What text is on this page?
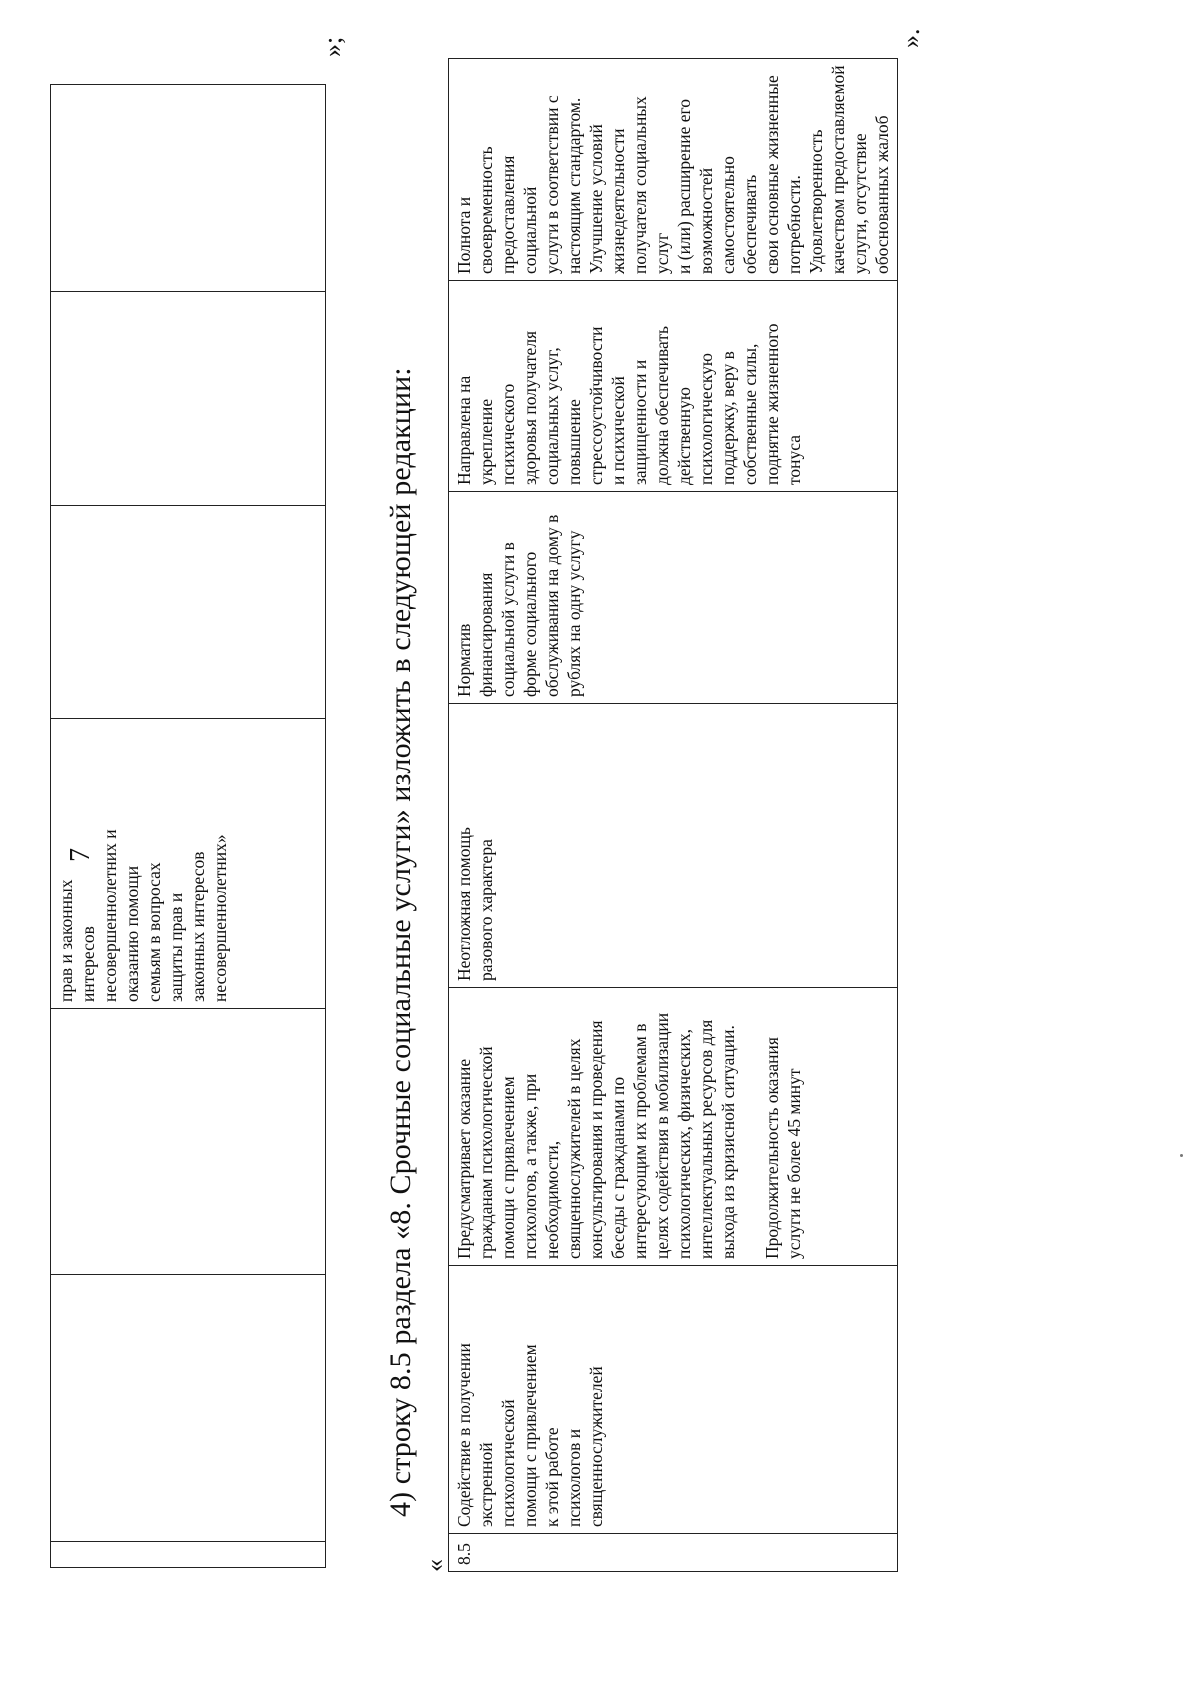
7
			прав и законных
интересов
несовершеннолетних и
оказанию помощи
семьям в вопросах
защиты прав и
законных интересов
несовершеннолетних»			
»;
4) строку 8.5 раздела «8. Срочные социальные услуги» изложить в следующей редакции:
«
8.5	Содействие в получении
экстренной
психологической
помощи с привлечением
к этой работе
психологов и
священнослужителей	Предусматривает оказание
гражданам психологической
помощи с привлечением
психологов, а также, при
необходимости,
священнослужителей в целях
консультирования и проведения
беседы с гражданами по
интересующим их проблемам в
целях содействия в мобилизации
психологических, физических,
интеллектуальных ресурсов для
выхода из кризисной ситуации.

Продолжительность оказания
услуги не более 45 минут	Неотложная помощь
разового характера	Норматив
финансирования
социальной услуги в
форме социального
обслуживания на дому в
рублях на одну услугу	Направлена на
укрепление
психического
здоровья получателя
социальных услуг,
повышение
стрессоустойчивости
и психической
защищенности и
должна обеспечивать
действенную
психологическую
поддержку, веру в
собственные силы,
поднятие жизненного
тонуса	Полнота и своевременность
предоставления социальной
услуги в соответствии с
настоящим стандартом.
Улучшение условий
жизнедеятельности
получателя социальных услуг
и (или) расширение его
возможностей
самостоятельно обеспечивать
свои основные жизненные
потребности.
Удовлетворенность
качеством предоставляемой
услуги, отсутствие
обоснованных жалоб
».
